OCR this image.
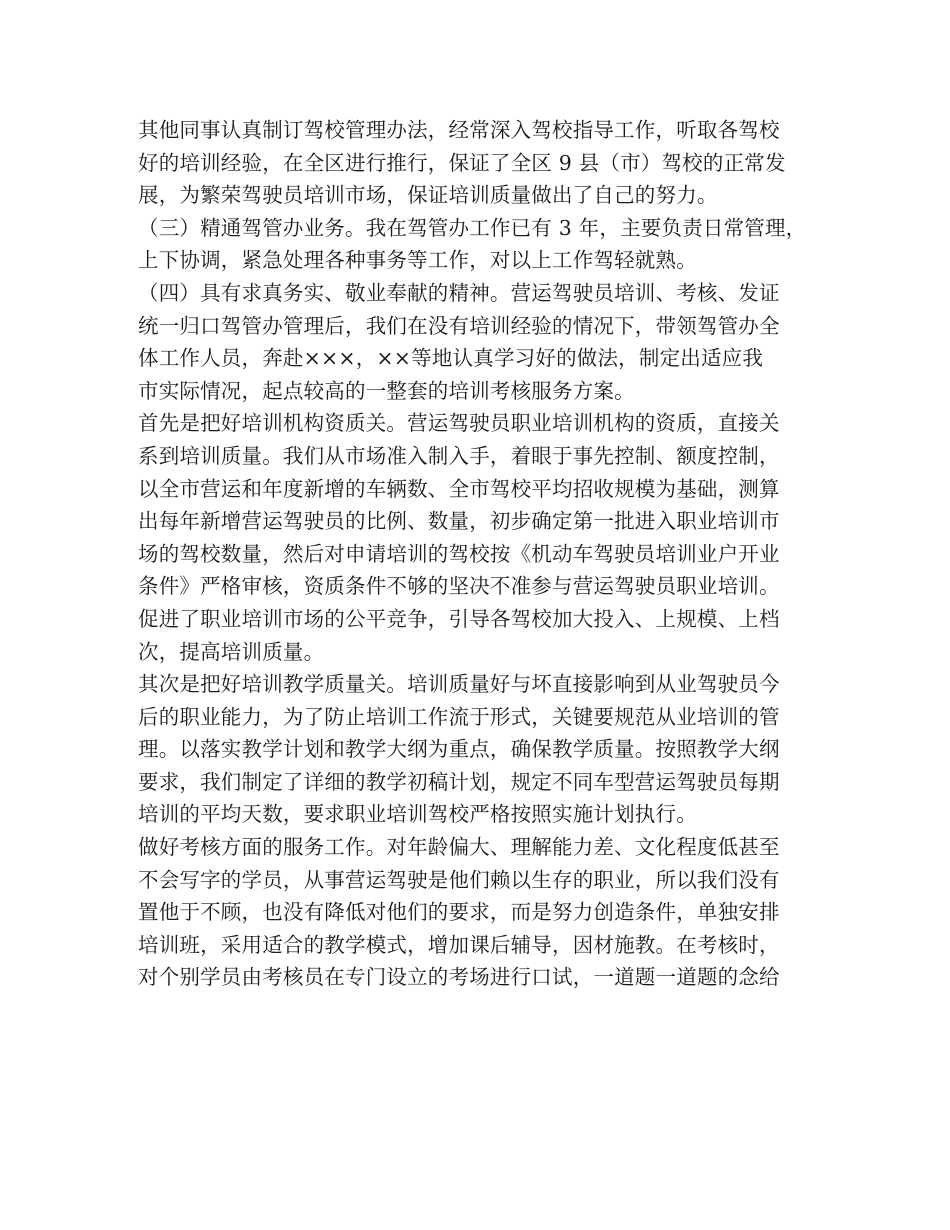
其他同事认真制订驾校管理办法，经常深入驾校指导工作，听取各驾校
好的培训经验，在全区进行推行，保证了全区 9 县（市）驾校的正常发
展，为繁荣驾驶员培训市场，保证培训质量做出了自己的努力。
（三）精通驾管办业务。我在驾管办工作已有 3 年，主要负责日常管理，
上下协调，紧急处理各种事务等工作，对以上工作驾轻就熟。
（四）具有求真务实、敬业奉献的精神。营运驾驶员培训、考核、发证
统一归口驾管办管理后，我们在没有培训经验的情况下，带领驾管办全
体工作人员，奔赴×××，××等地认真学习好的做法，制定出适应我
市实际情况，起点较高的一整套的培训考核服务方案。
首先是把好培训机构资质关。营运驾驶员职业培训机构的资质，直接关
系到培训质量。我们从市场准入制入手，着眼于事先控制、额度控制，
以全市营运和年度新增的车辆数、全市驾校平均招收规模为基础，测算
出每年新增营运驾驶员的比例、数量，初步确定第一批进入职业培训市
场的驾校数量，然后对申请培训的驾校按《机动车驾驶员培训业户开业
条件》严格审核，资质条件不够的坚决不准参与营运驾驶员职业培训。
促进了职业培训市场的公平竞争，引导各驾校加大投入、上规模、上档
次，提高培训质量。
其次是把好培训教学质量关。培训质量好与坏直接影响到从业驾驶员今
后的职业能力，为了防止培训工作流于形式，关键要规范从业培训的管
理。以落实教学计划和教学大纲为重点，确保教学质量。按照教学大纲
要求，我们制定了详细的教学初稿计划，规定不同车型营运驾驶员每期
培训的平均天数，要求职业培训驾校严格按照实施计划执行。
做好考核方面的服务工作。对年龄偏大、理解能力差、文化程度低甚至
不会写字的学员，从事营运驾驶是他们赖以生存的职业，所以我们没有
置他于不顾，也没有降低对他们的要求，而是努力创造条件，单独安排
培训班，采用适合的教学模式，增加课后辅导，因材施教。在考核时，
对个别学员由考核员在专门设立的考场进行口试，一道题一道题的念给
